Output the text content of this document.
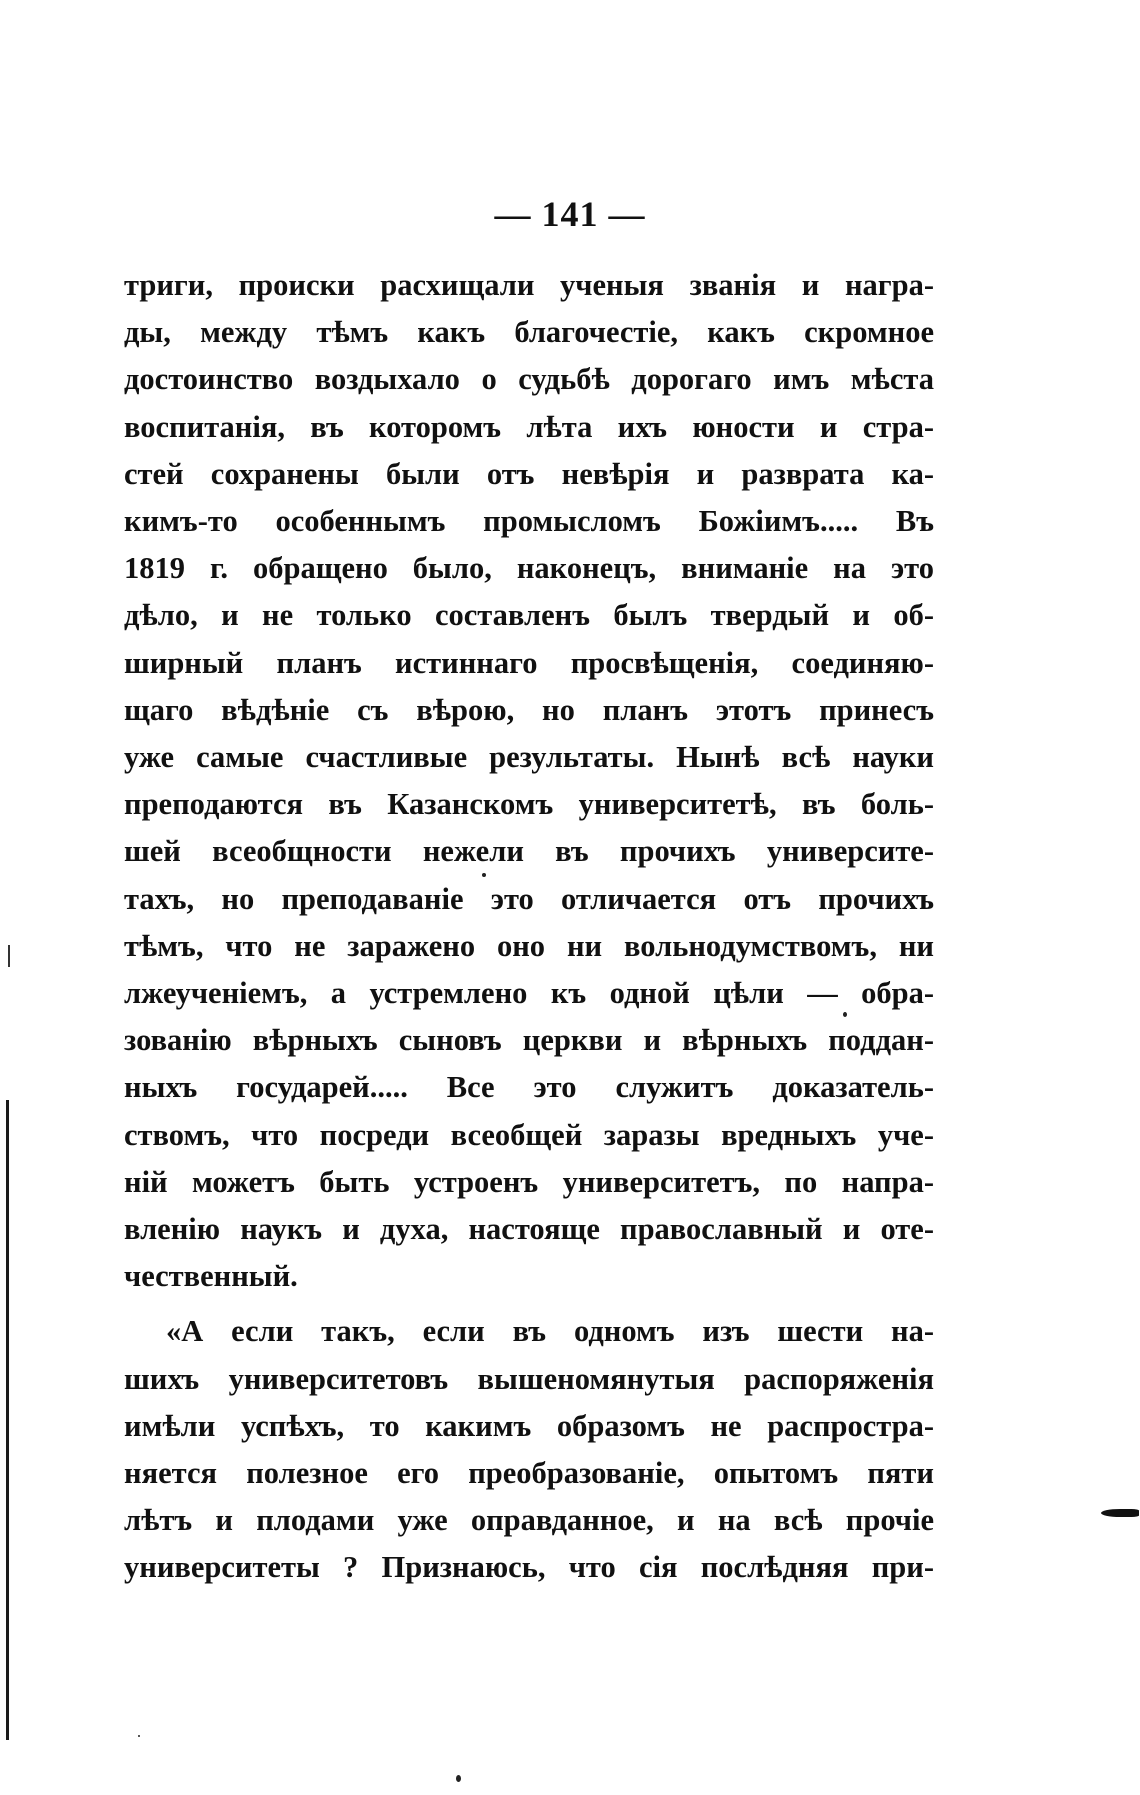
— 141 —
триги, происки расхищали ученыя званія и награ-
ды, между тѣмъ какъ благочестіе, какъ скромное
достоинство воздыхало о судьбѣ дорогаго имъ мѣста
воспитанія, въ которомъ лѣта ихъ юности и стра-
стей сохранены были отъ невѣрія и разврата ка-
кимъ-то особеннымъ промысломъ Божіимъ..... Въ
1819 г. обращено было, наконецъ, вниманіе на это
дѣло, и не только составленъ былъ твердый и об-
ширный планъ истиннаго просвѣщенія, соединяю-
щаго вѣдѣніе съ вѣрою, но планъ этотъ принесъ
уже самые счастливые результаты. Нынѣ всѣ науки
преподаются въ Казанскомъ университетѣ, въ боль-
шей всеобщности нежели въ прочихъ университе-
тахъ, но преподаваніе это отличается отъ прочихъ
тѣмъ, что не заражено оно ни вольнодумствомъ, ни
лжеученіемъ, а устремлено къ одной цѣли — обра-
зованію вѣрныхъ сыновъ церкви и вѣрныхъ поддан-
ныхъ государей..... Все это служитъ доказатель-
ствомъ, что посреди всеобщей заразы вредныхъ уче-
ній можетъ быть устроенъ университетъ, по напра-
вленію наукъ и духа, настояще православный и оте-
чественный.
«А если такъ, если въ одномъ изъ шести на-
шихъ университетовъ вышеномянутыя распоряженія
имѣли успѣхъ, то какимъ образомъ не распростра-
няется полезное его преобразованіе, опытомъ пяти
лѣтъ и плодами уже оправданное, и на всѣ прочіе
университеты ? Признаюсь, что сія послѣдняя при-
